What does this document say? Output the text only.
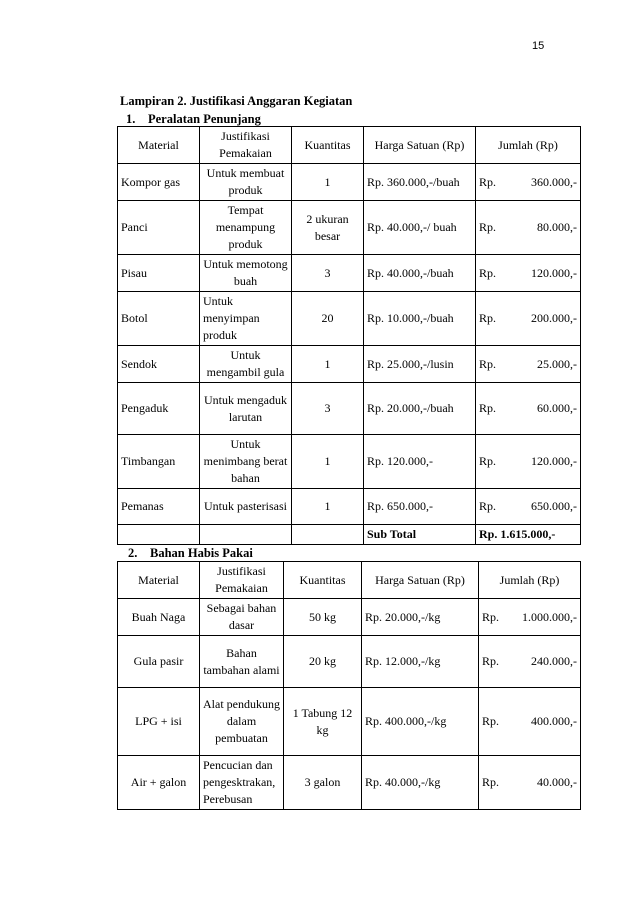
15
Lampiran 2. Justifikasi Anggaran Kegiatan
1. Peralatan Penunjang
Material	Justifikasi Pemakaian	Kuantitas	Harga Satuan (Rp)	Jumlah (Rp)
Kompor gas	Untuk membuat produk	1	Rp. 360.000,-/buah	Rp. 360.000,-

Panci	Tempat menampung produk	2 ukuran besar	Rp. 40.000,-/ buah	Rp. 80.000,-

Pisau	Untuk memotong buah	3	Rp. 40.000,-/buah	Rp. 120.000,-

Botol	Untuk menyimpan produk	20	Rp. 10.000,-/buah	Rp. 200.000,-

Sendok	Untuk mengambil gula	1	Rp. 25.000,-/lusin	Rp. 25.000,-

Pengaduk	Untuk mengaduk larutan	3	Rp. 20.000,-/buah	Rp. 60.000,-

Timbangan	Untuk menimbang berat bahan	1	Rp. 120.000,-	Rp. 120.000,-

Pemanas	Untuk pasterisasi	1	Rp. 650.000,-	Rp. 650.000,-

			Sub Total	Rp. 1.615.000,-
2. Bahan Habis Pakai
Material	Justifikasi Pemakaian	Kuantitas	Harga Satuan (Rp)	Jumlah (Rp)
Buah Naga	Sebagai bahan dasar	50 kg	Rp. 20.000,-/kg	Rp. 1.000.000,-

Gula pasir	Bahan tambahan alami	20 kg	Rp. 12.000,-/kg	Rp. 240.000,-

LPG + isi	Alat pendukung dalam pembuatan	1 Tabung 12 kg	Rp. 400.000,-/kg	Rp. 400.000,-

Air + galon	Pencucian dan pengesktrakan, Perebusan	3 galon	Rp. 40.000,-/kg	Rp. 40.000,-
